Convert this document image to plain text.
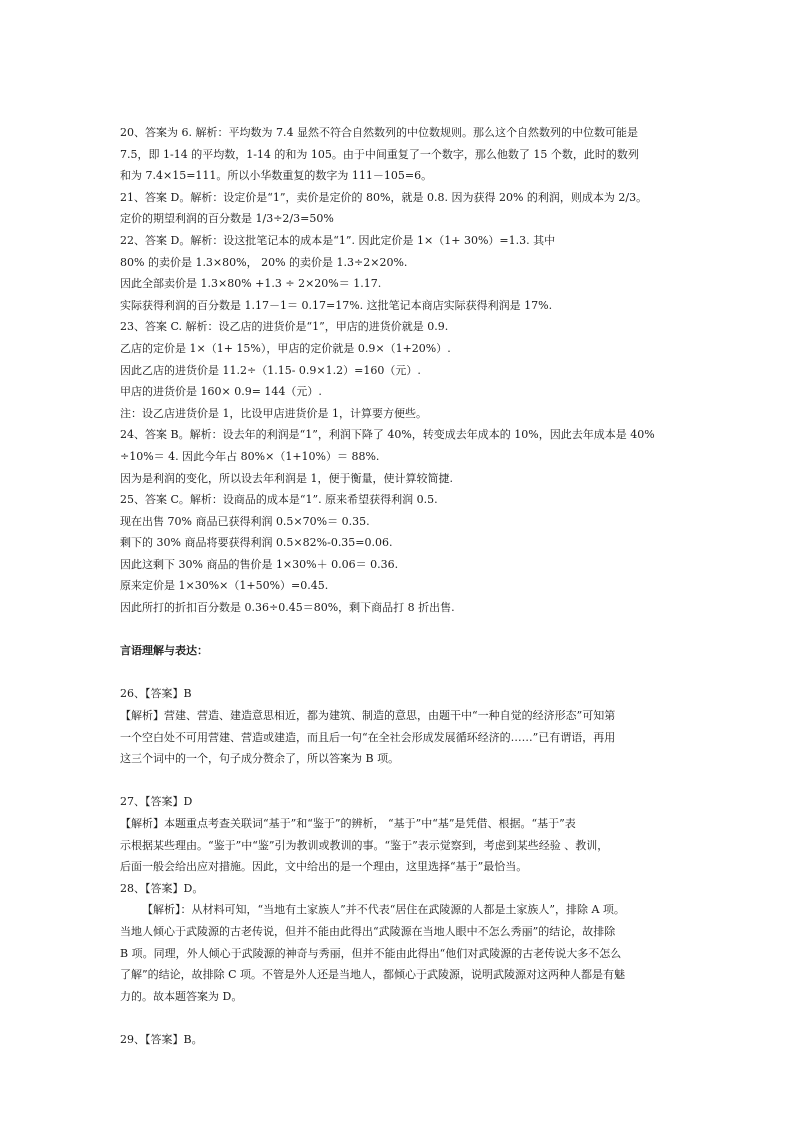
20、答案为 6. 解析：平均数为 7.4 显然不符合自然数列的中位数规则。那么这个自然数列的中位数可能是
7.5，即 1-14 的平均数，1-14 的和为 105。由于中间重复了一个数字，那么他数了 15 个数，此时的数列
和为 7.4×15=111。所以小华数重复的数字为 111－105=6。
21、答案 D。解析：设定价是“1”，卖价是定价的 80%，就是 0.8. 因为获得 20% 的利润，则成本为 2/3。
定价的期望利润的百分数是 1/3÷2/3=50%
22、答案 D。解析：设这批笔记本的成本是“1”. 因此定价是 1×（1+ 30%）=1.3. 其中
80% 的卖价是 1.3×80%， 20% 的卖价是 1.3÷2×20%.
因此全部卖价是 1.3×80% +1.3 ÷ 2×20%＝ 1.17.
实际获得利润的百分数是 1.17－1＝ 0.17=17%. 这批笔记本商店实际获得利润是 17%.
23、答案 C. 解析：设乙店的进货价是“1”，甲店的进货价就是 0.9.
乙店的定价是 1×（1+ 15%），甲店的定价就是 0.9×（1+20%）.
因此乙店的进货价是 11.2÷（1.15- 0.9×1.2）=160（元）.
甲店的进货价是 160× 0.9= 144（元）.
注：设乙店进货价是 1，比设甲店进货价是 1，计算要方便些。
24、答案 B。解析：设去年的利润是“1”，利润下降了 40%，转变成去年成本的 10%，因此去年成本是 40%
÷10%＝ 4. 因此今年占 80%×（1+10%）＝ 88%.
因为是利润的变化，所以设去年利润是 1，便于衡量，使计算较简捷.
25、答案 C。解析：设商品的成本是“1”. 原来希望获得利润 0.5.
现在出售 70% 商品已获得利润 0.5×70%＝ 0.35.
剩下的 30% 商品将要获得利润 0.5×82%-0.35=0.06.
因此这剩下 30% 商品的售价是 1×30%＋ 0.06＝ 0.36.
原来定价是 1×30%×（1+50%）=0.45.
因此所打的折扣百分数是 0.36÷0.45＝80%，剩下商品打 8 折出售.
言语理解与表达：
26、【答案】B
【解析】营建、营造、建造意思相近，都为建筑、制造的意思，由题干中“一种自觉的经济形态”可知第
一个空白处不可用营建、营造或建造，而且后一句“在全社会形成发展循环经济的……”已有谓语，再用
这三个词中的一个，句子成分赘余了，所以答案为 B 项。
27、【答案】D
【解析】本题重点考查关联词“基于”和“鉴于”的辨析， “基于”中“基”是凭借、根据。“基于”表
示根据某些理由。“鉴于”中“鉴”引为教训或教训的事。“鉴于”表示觉察到，考虑到某些经验 、教训，
后面一般会给出应对措施。因此，文中给出的是一个理由，这里选择“基于”最恰当。
28、【答案】D。
【解析】：从材料可知，“当地有土家族人”并不代表“居住在武陵源的人都是土家族人”，排除 A 项。
当地人倾心于武陵源的古老传说，但并不能由此得出“武陵源在当地人眼中不怎么秀丽”的结论，故排除
B 项。同理，外人倾心于武陵源的神奇与秀丽，但并不能由此得出“他们对武陵源的古老传说大多不怎么
了解”的结论，故排除 C 项。不管是外人还是当地人，都倾心于武陵源，说明武陵源对这两种人都是有魅
力的。故本题答案为 D。
29、【答案】B。
